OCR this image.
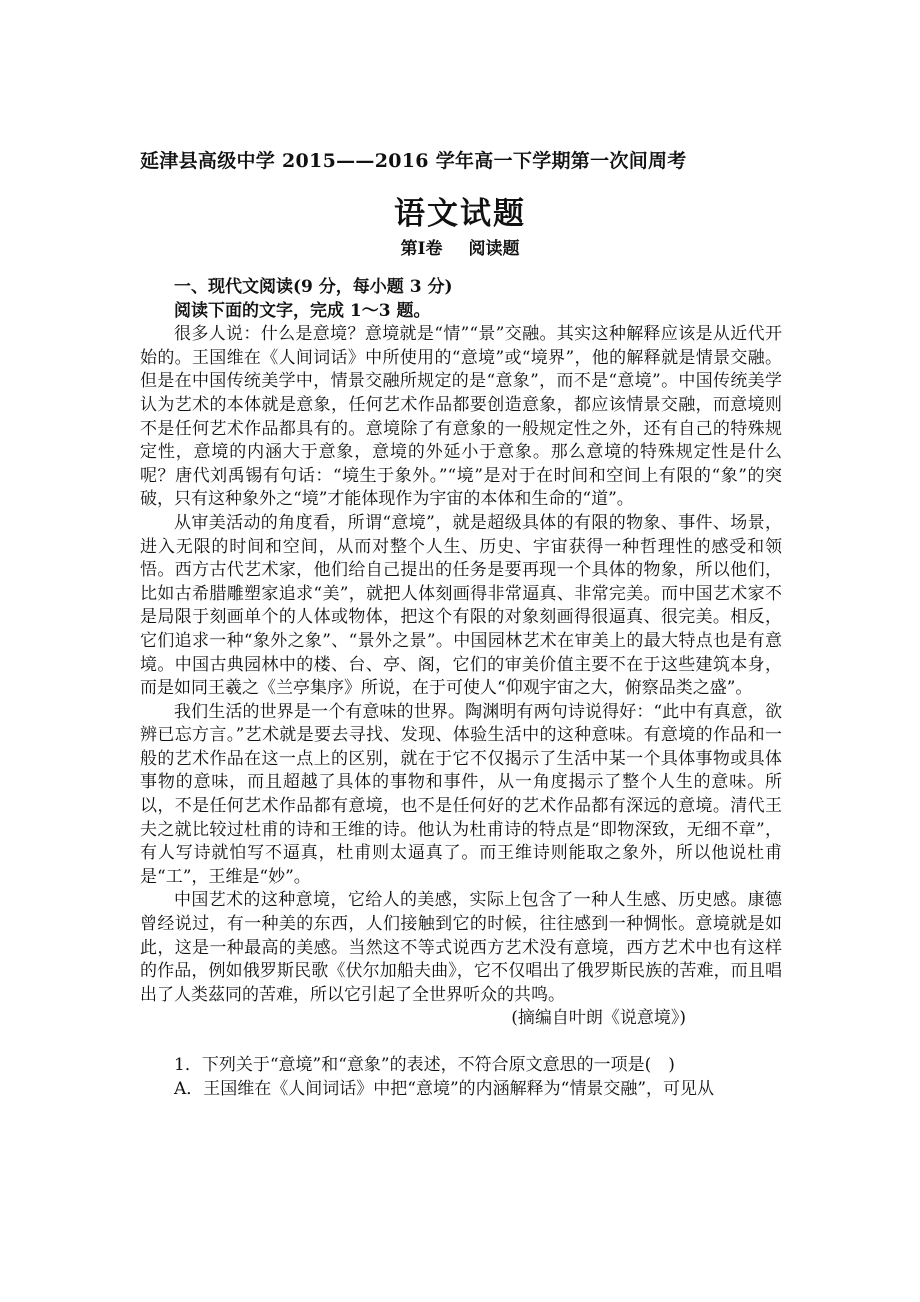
延津县高级中学 2015——2016 学年高一下学期第一次间周考
语文试题
第Ⅰ卷 阅读题
一、现代文阅读(9 分，每小题 3 分)
阅读下面的文字，完成 1～3 题。

很多人说：什么是意境？意境就是“情”“景”交融。其实这种解释应该是从近代开始的。王国维在《人间词话》中所使用的“意境”或“境界”，他的解释就是情景交融。但是在中国传统美学中，情景交融所规定的是“意象”，而不是“意境”。中国传统美学认为艺术的本体就是意象，任何艺术作品都要创造意象，都应该情景交融，而意境则不是任何艺术作品都具有的。意境除了有意象的一般规定性之外，还有自己的特殊规定性，意境的内涵大于意象，意境的外延小于意象。那么意境的特殊规定性是什么呢？唐代刘禹锡有句话：“境生于象外。”“境”是对于在时间和空间上有限的“象”的突破，只有这种象外之“境”才能体现作为宇宙的本体和生命的“道”。

从审美活动的角度看，所谓“意境”，就是超级具体的有限的物象、事件、场景，进入无限的时间和空间，从而对整个人生、历史、宇宙获得一种哲理性的感受和领悟。西方古代艺术家，他们给自己提出的任务是要再现一个具体的物象，所以他们，比如古希腊雕塑家追求“美”，就把人体刻画得非常逼真、非常完美。而中国艺术家不是局限于刻画单个的人体或物体，把这个有限的对象刻画得很逼真、很完美。相反，它们追求一种“象外之象”、“景外之景”。中国园林艺术在审美上的最大特点也是有意境。中国古典园林中的楼、台、亭、阁，它们的审美价值主要不在于这些建筑本身，而是如同王羲之《兰亭集序》所说，在于可使人“仰观宇宙之大，俯察品类之盛”。

我们生活的世界是一个有意味的世界。陶渊明有两句诗说得好：“此中有真意，欲辨已忘方言。”艺术就是要去寻找、发现、体验生活中的这种意味。有意境的作品和一般的艺术作品在这一点上的区别，就在于它不仅揭示了生活中某一个具体事物或具体事物的意味，而且超越了具体的事物和事件，从一角度揭示了整个人生的意味。所以，不是任何艺术作品都有意境，也不是任何好的艺术作品都有深远的意境。清代王夫之就比较过杜甫的诗和王维的诗。他认为杜甫诗的特点是“即物深致，无细不章”，有人写诗就怕写不逼真，杜甫则太逼真了。而王维诗则能取之象外，所以他说杜甫是“工”，王维是“妙”。

中国艺术的这种意境，它给人的美感，实际上包含了一种人生感、历史感。康德曾经说过，有一种美的东西，人们接触到它的时候，往往感到一种惆怅。意境就是如此，这是一种最高的美感。当然这不等式说西方艺术没有意境，西方艺术中也有这样的作品，例如俄罗斯民歌《伏尔加船夫曲》，它不仅唱出了俄罗斯民族的苦难，而且唱出了人类茲同的苦难，所以它引起了全世界听众的共鸣。

(摘编自叶朗《说意境》)
1．下列关于“意境”和“意象”的表述，不符合原文意思的一项是(　)
A．王国维在《人间词话》中把“意境”的内涵解释为“情景交融”，可见从
